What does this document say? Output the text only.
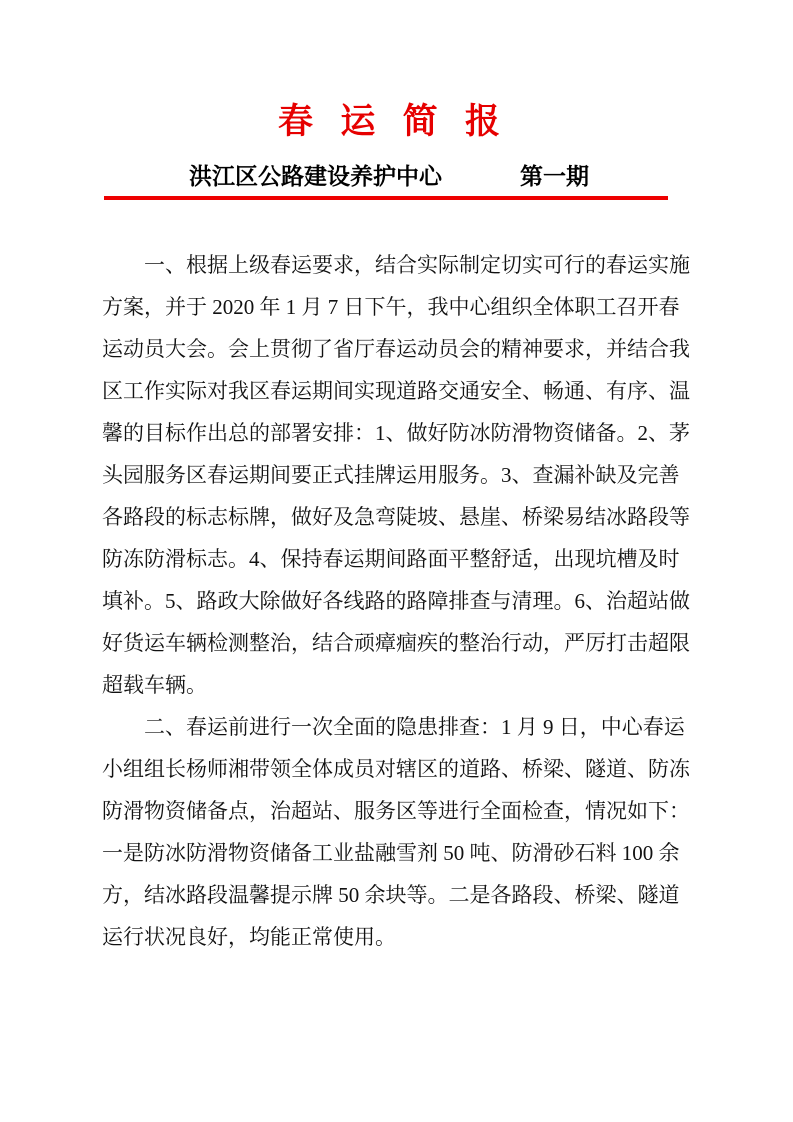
春运简报
洪江区公路建设养护中心	第一期
一、根据上级春运要求，结合实际制定切实可行的春运实施
方案，并于 2020 年 1 月 7 日下午，我中心组织全体职工召开春
运动员大会。会上贯彻了省厅春运动员会的精神要求，并结合我
区工作实际对我区春运期间实现道路交通安全、畅通、有序、温
馨的目标作出总的部署安排：1、做好防冰防滑物资储备。2、茅
头园服务区春运期间要正式挂牌运用服务。3、查漏补缺及完善
各路段的标志标牌，做好及急弯陡坡、悬崖、桥梁易结冰路段等
防冻防滑标志。4、保持春运期间路面平整舒适，出现坑槽及时
填补。5、路政大除做好各线路的路障排查与清理。6、治超站做
好货运车辆检测整治，结合顽瘴痼疾的整治行动，严厉打击超限
超载车辆。
二、春运前进行一次全面的隐患排查：1 月 9 日，中心春运
小组组长杨师湘带领全体成员对辖区的道路、桥梁、隧道、防冻
防滑物资储备点，治超站、服务区等进行全面检查，情况如下：
一是防冰防滑物资储备工业盐融雪剂 50 吨、防滑砂石料 100 余
方，结冰路段温馨提示牌 50 余块等。二是各路段、桥梁、隧道
运行状况良好，均能正常使用。
